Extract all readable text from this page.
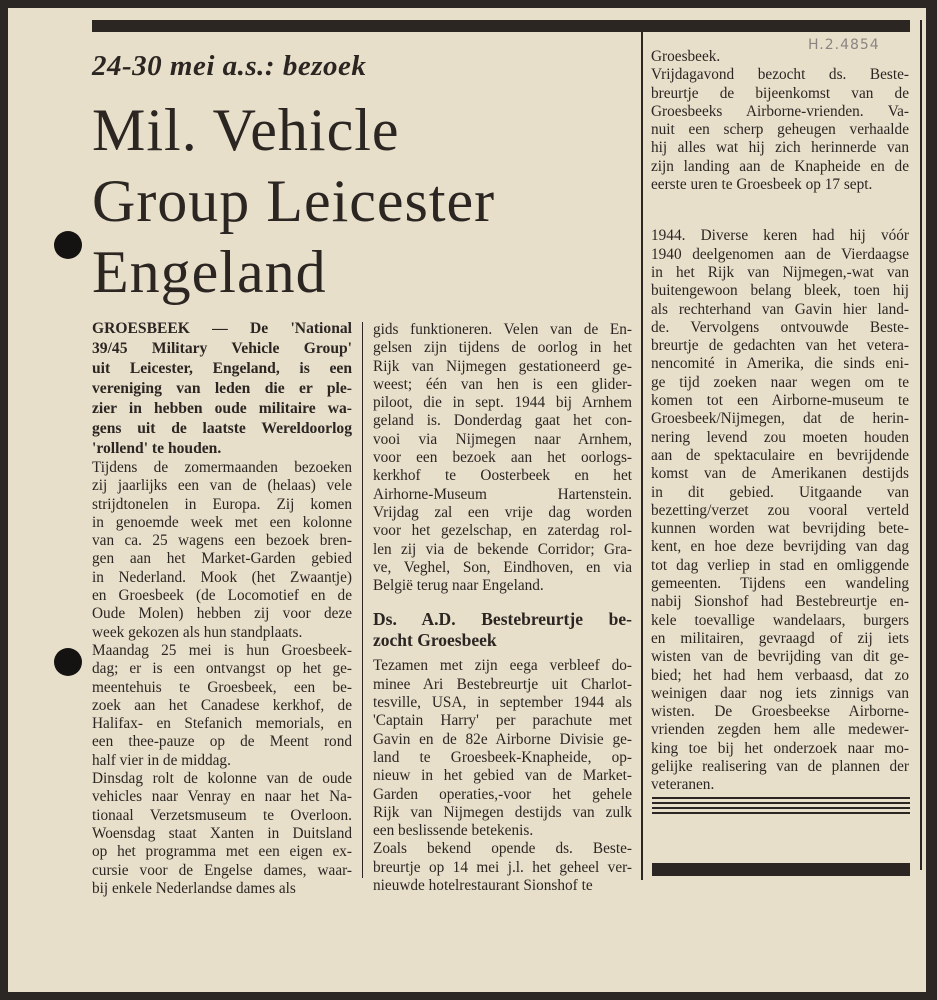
H.2.4854
24-30 mei a.s.: bezoek
Mil. Vehicle
Group Leicester
Engeland
GROESBEEK — De 'National
39/45 Military Vehicle Group'
uit Leicester, Engeland, is een
vereniging van leden die er ple-
zier in hebben oude militaire wa-
gens uit de laatste Wereldoorlog
'rollend' te houden.
Tijdens de zomermaanden bezoeken
zij jaarlijks een van de (helaas) vele
strijdtonelen in Europa. Zij komen
in genoemde week met een kolonne
van ca. 25 wagens een bezoek bren-
gen aan het Market-Garden gebied
in Nederland. Mook (het Zwaantje)
en Groesbeek (de Locomotief en de
Oude Molen) hebben zij voor deze
week gekozen als hun standplaats.
Maandag 25 mei is hun Groesbeek-
dag; er is een ontvangst op het ge-
meentehuis te Groesbeek, een be-
zoek aan het Canadese kerkhof, de
Halifax- en Stefanich memorials, en
een thee-pauze op de Meent rond
half vier in de middag.
Dinsdag rolt de kolonne van de oude
vehicles naar Venray en naar het Na-
tionaal Verzetsmuseum te Overloon.
Woensdag staat Xanten in Duitsland
op het programma met een eigen ex-
cursie voor de Engelse dames, waar-
bij enkele Nederlandse dames als
gids funktioneren. Velen van de En-
gelsen zijn tijdens de oorlog in het
Rijk van Nijmegen gestationeerd ge-
weest; één van hen is een glider-
piloot, die in sept. 1944 bij Arnhem
geland is. Donderdag gaat het con-
vooi via Nijmegen naar Arnhem,
voor een bezoek aan het oorlogs-
kerkhof te Oosterbeek en het
Airhorne-Museum Hartenstein.
Vrijdag zal een vrije dag worden
voor het gezelschap, en zaterdag rol-
len zij via de bekende Corridor; Gra-
ve, Veghel, Son, Eindhoven, en via
België terug naar Engeland.
Ds. A.D. Bestebreurtje be-
zocht Groesbeek
Tezamen met zijn eega verbleef do-
minee Ari Bestebreurtje uit Charlot-
tesville, USA, in september 1944 als
'Captain Harry' per parachute met
Gavin en de 82e Airborne Divisie ge-
land te Groesbeek-Knapheide, op-
nieuw in het gebied van de Market-
Garden operaties,-voor het gehele
Rijk van Nijmegen destijds van zulk
een beslissende betekenis.
Zoals bekend opende ds. Beste-
breurtje op 14 mei j.l. het geheel ver-
nieuwde hotelrestaurant Sionshof te
Groesbeek.
Vrijdagavond bezocht ds. Beste-
breurtje de bijeenkomst van de
Groesbeeks Airborne-vrienden. Va-
nuit een scherp geheugen verhaalde
hij alles wat hij zich herinnerde van
zijn landing aan de Knapheide en de
eerste uren te Groesbeek op 17 sept.
1944. Diverse keren had hij vóór
1940 deelgenomen aan de Vierdaagse
in het Rijk van Nijmegen,-wat van
buitengewoon belang bleek, toen hij
als rechterhand van Gavin hier land-
de. Vervolgens ontvouwde Beste-
breurtje de gedachten van het vetera-
nencomité in Amerika, die sinds eni-
ge tijd zoeken naar wegen om te
komen tot een Airborne-museum te
Groesbeek/Nijmegen, dat de herin-
nering levend zou moeten houden
aan de spektaculaire en bevrijdende
komst van de Amerikanen destijds
in dit gebied. Uitgaande van
bezetting/verzet zou vooral verteld
kunnen worden wat bevrijding bete-
kent, en hoe deze bevrijding van dag
tot dag verliep in stad en omliggende
gemeenten. Tijdens een wandeling
nabij Sionshof had Bestebreurtje en-
kele toevallige wandelaars, burgers
en militairen, gevraagd of zij iets
wisten van de bevrijding van dit ge-
bied; het had hem verbaasd, dat zo
weinigen daar nog iets zinnigs van
wisten. De Groesbeekse Airborne-
vrienden zegden hem alle medewer-
king toe bij het onderzoek naar mo-
gelijke realisering van de plannen der
veteranen.
